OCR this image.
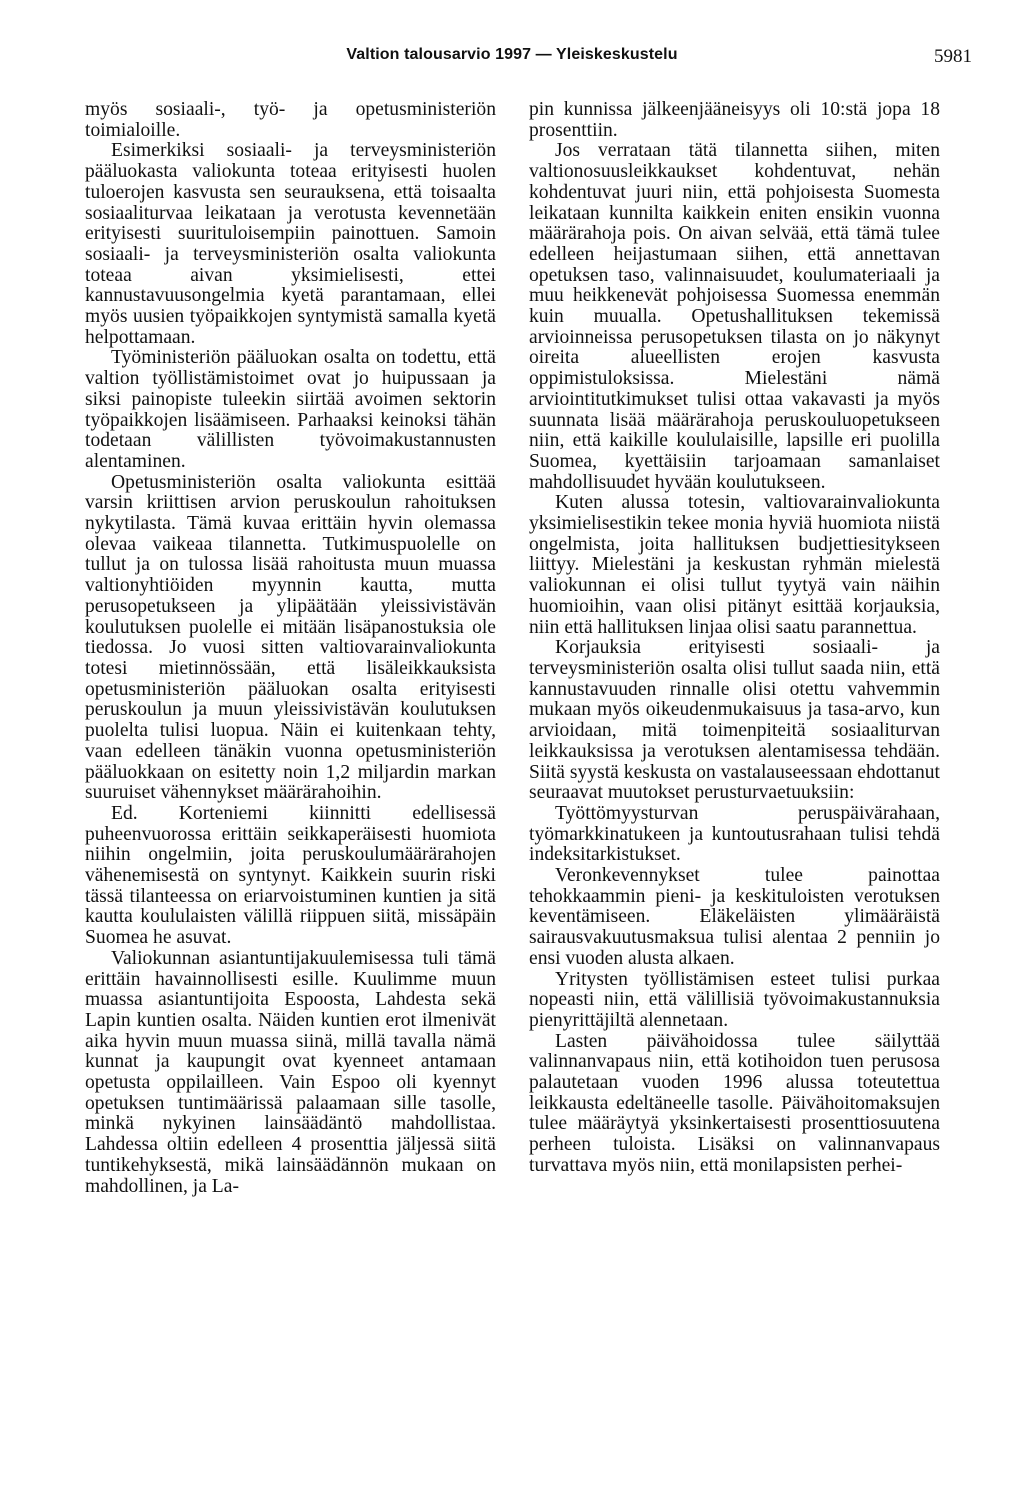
Valtion talousarvio 1997 — Yleiskeskustelu	5981

myös sosiaali-, työ- ja opetusministeriön toimialoille.

Esimerkiksi sosiaali- ja terveysministeriön pääluokasta valiokunta toteaa erityisesti huolen tuloerojen kasvusta sen seurauksena, että toisaalta sosiaaliturvaa leikataan ja verotusta kevennetään erityisesti suurituloisempiin painottuen. Samoin sosiaali- ja terveysministeriön osalta valiokunta toteaa aivan yksimielisesti, ettei kannustavuusongelmia kyetä parantamaan, ellei myös uusien työpaikkojen syntymistä samalla kyetä helpottamaan.

Työministeriön pääluokan osalta on todettu, että valtion työllistämistoimet ovat jo huipussaan ja siksi painopiste tuleekin siirtää avoimen sektorin työpaikkojen lisäämiseen. Parhaaksi keinoksi tähän todetaan välillisten työvoimakustannusten alentaminen.

Opetusministeriön osalta valiokunta esittää varsin kriittisen arvion peruskoulun rahoituksen nykytilasta. Tämä kuvaa erittäin hyvin olemassa olevaa vaikeaa tilannetta. Tutkimuspuolelle on tullut ja on tulossa lisää rahoitusta muun muassa valtionyhtiöiden myynnin kautta, mutta perusopetukseen ja ylipäätään yleissivistävän koulutuksen puolelle ei mitään lisäpanostuksia ole tiedossa. Jo vuosi sitten valtiovarainvaliokunta totesi mietinnössään, että lisäleikkauksista opetusministeriön pääluokan osalta erityisesti peruskoulun ja muun yleissivistävän koulutuksen puolelta tulisi luopua. Näin ei kuitenkaan tehty, vaan edelleen tänäkin vuonna opetusministeriön pääluokkaan on esitetty noin 1,2 miljardin markan suuruiset vähennykset määrärahoihin.

Ed. Korteniemi kiinnitti edellisessä puheenvuorossa erittäin seikkaperäisesti huomiota niihin ongelmiin, joita peruskoulumäärärahojen vähenemisestä on syntynyt. Kaikkein suurin riski tässä tilanteessa on eriarvoistuminen kuntien ja sitä kautta koululaisten välillä riippuen siitä, missäpäin Suomea he asuvat.

Valiokunnan asiantuntijakuulemisessa tuli tämä erittäin havainnollisesti esille. Kuulimme muun muassa asiantuntijoita Espoosta, Lahdesta sekä Lapin kuntien osalta. Näiden kuntien erot ilmenivät aika hyvin muun muassa siinä, millä tavalla nämä kunnat ja kaupungit ovat kyenneet antamaan opetusta oppilailleen. Vain Espoo oli kyennyt opetuksen tuntimäärissä palaamaan sille tasolle, minkä nykyinen lainsäädäntö mahdollistaa. Lahdessa oltiin edelleen 4 prosenttia jäljessä siitä tuntikehyksestä, mikä lainsäädännön mukaan on mahdollinen, ja La-

pin kunnissa jälkeenjääneisyys oli 10:stä jopa 18 prosenttiin.

Jos verrataan tätä tilannetta siihen, miten valtionosuusleikkaukset kohdentuvat, nehän kohdentuvat juuri niin, että pohjoisesta Suomesta leikataan kunnilta kaikkein eniten ensikin vuonna määrärahoja pois. On aivan selvää, että tämä tulee edelleen heijastumaan siihen, että annettavan opetuksen taso, valinnaisuudet, koulumateriaali ja muu heikkenevät pohjoisessa Suomessa enemmän kuin muualla. Opetushallituksen tekemissä arvioinneissa perusopetuksen tilasta on jo näkynyt oireita alueellisten erojen kasvusta oppimistuloksissa. Mielestäni nämä arviointitutkimukset tulisi ottaa vakavasti ja myös suunnata lisää määrärahoja peruskouluopetukseen niin, että kaikille koululaisille, lapsille eri puolilla Suomea, kyettäisiin tarjoamaan samanlaiset mahdollisuudet hyvään koulutukseen.

Kuten alussa totesin, valtiovarainvaliokunta yksimielisestikin tekee monia hyviä huomiota niistä ongelmista, joita hallituksen budjettiesitykseen liittyy. Mielestäni ja keskustan ryhmän mielestä valiokunnan ei olisi tullut tyytyä vain näihin huomioihin, vaan olisi pitänyt esittää korjauksia, niin että hallituksen linjaa olisi saatu parannettua.

Korjauksia erityisesti sosiaali- ja terveysministeriön osalta olisi tullut saada niin, että kannustavuuden rinnalle olisi otettu vahvemmin mukaan myös oikeudenmukaisuus ja tasa-arvo, kun arvioidaan, mitä toimenpiteitä sosiaaliturvan leikkauksissa ja verotuksen alentamisessa tehdään. Siitä syystä keskusta on vastalauseessaan ehdottanut seuraavat muutokset perusturvaetuuksiin:

Työttömyysturvan peruspäivärahaan, työmarkkinatukeen ja kuntoutusrahaan tulisi tehdä indeksitarkistukset.

Veronkevennykset tulee painottaa tehokkaammin pieni- ja keskituloisten verotuksen keventämiseen. Eläkeläisten ylimääräistä sairausvakuutusmaksua tulisi alentaa 2 penniin jo ensi vuoden alusta alkaen.

Yritysten työllistämisen esteet tulisi purkaa nopeasti niin, että välillisiä työvoimakustannuksia pienyrittäjiltä alennetaan.

Lasten päivähoidossa tulee säilyttää valinnanvapaus niin, että kotihoidon tuen perusosa palautetaan vuoden 1996 alussa toteutettua leikkausta edeltäneelle tasolle. Päivähoitomaksujen tulee määräytyä yksinkertaisesti prosenttiosuutena perheen tuloista. Lisäksi on valinnanvapaus turvattava myös niin, että monilapsisten perhei-
